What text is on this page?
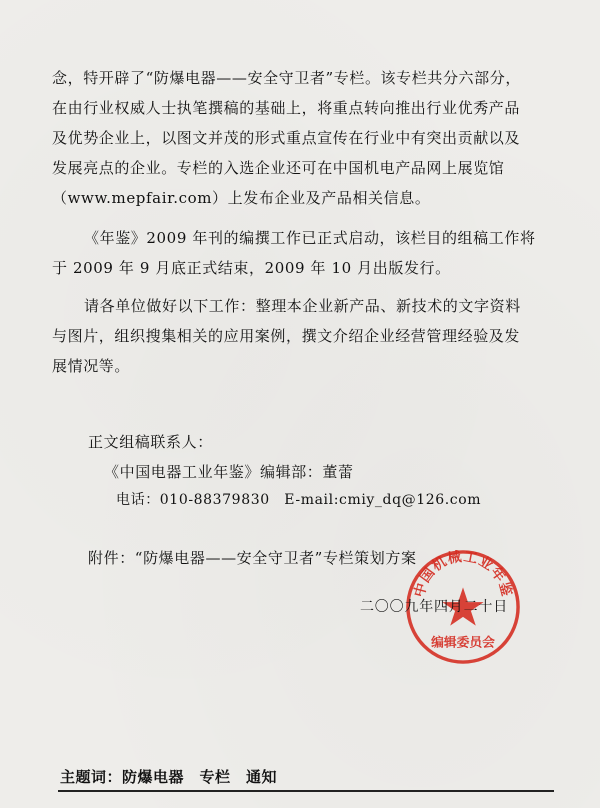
念，特开辟了“防爆电器——安全守卫者”专栏。该专栏共分六部分，
在由行业权威人士执笔撰稿的基础上，将重点转向推出行业优秀产品
及优势企业上，以图文并茂的形式重点宣传在行业中有突出贡献以及
发展亮点的企业。专栏的入选企业还可在中国机电产品网上展览馆
（www.mepfair.com）上发布企业及产品相关信息。
《年鉴》2009 年刊的编撰工作已正式启动，该栏目的组稿工作将
于 2009 年 9 月底正式结束，2009 年 10 月出版发行。
请各单位做好以下工作：整理本企业新产品、新技术的文字资料
与图片，组织搜集相关的应用案例，撰文介绍企业经营管理经验及发
展情况等。
正文组稿联系人：
《中国电器工业年鉴》编辑部：董蕾
电话：010-88379830　E-mail:cmiy_dq@126.com
附件：“防爆电器——安全守卫者”专栏策划方案
中国机械工业年鉴
编辑委员会
二〇〇九年四月二十日
主题词：防爆电器　专栏　通知
